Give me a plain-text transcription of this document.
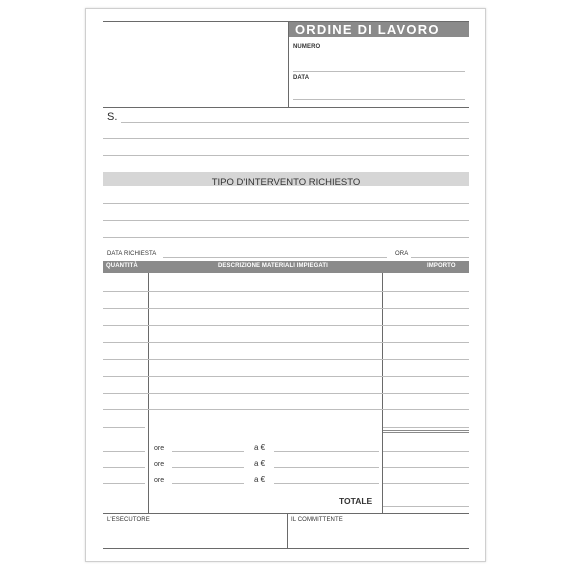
ORDINE DI LAVORO
NUMERO
DATA
S.
TIPO D'INTERVENTO RICHIESTO
DATA RICHIESTA	ORA
QUANTITÀ	DESCRIZIONE MATERIALI IMPIEGATI	IMPORTO
ore	a €
ore	a €
ore	a €
TOTALE
L'ESECUTORE	IL COMMITTENTE
